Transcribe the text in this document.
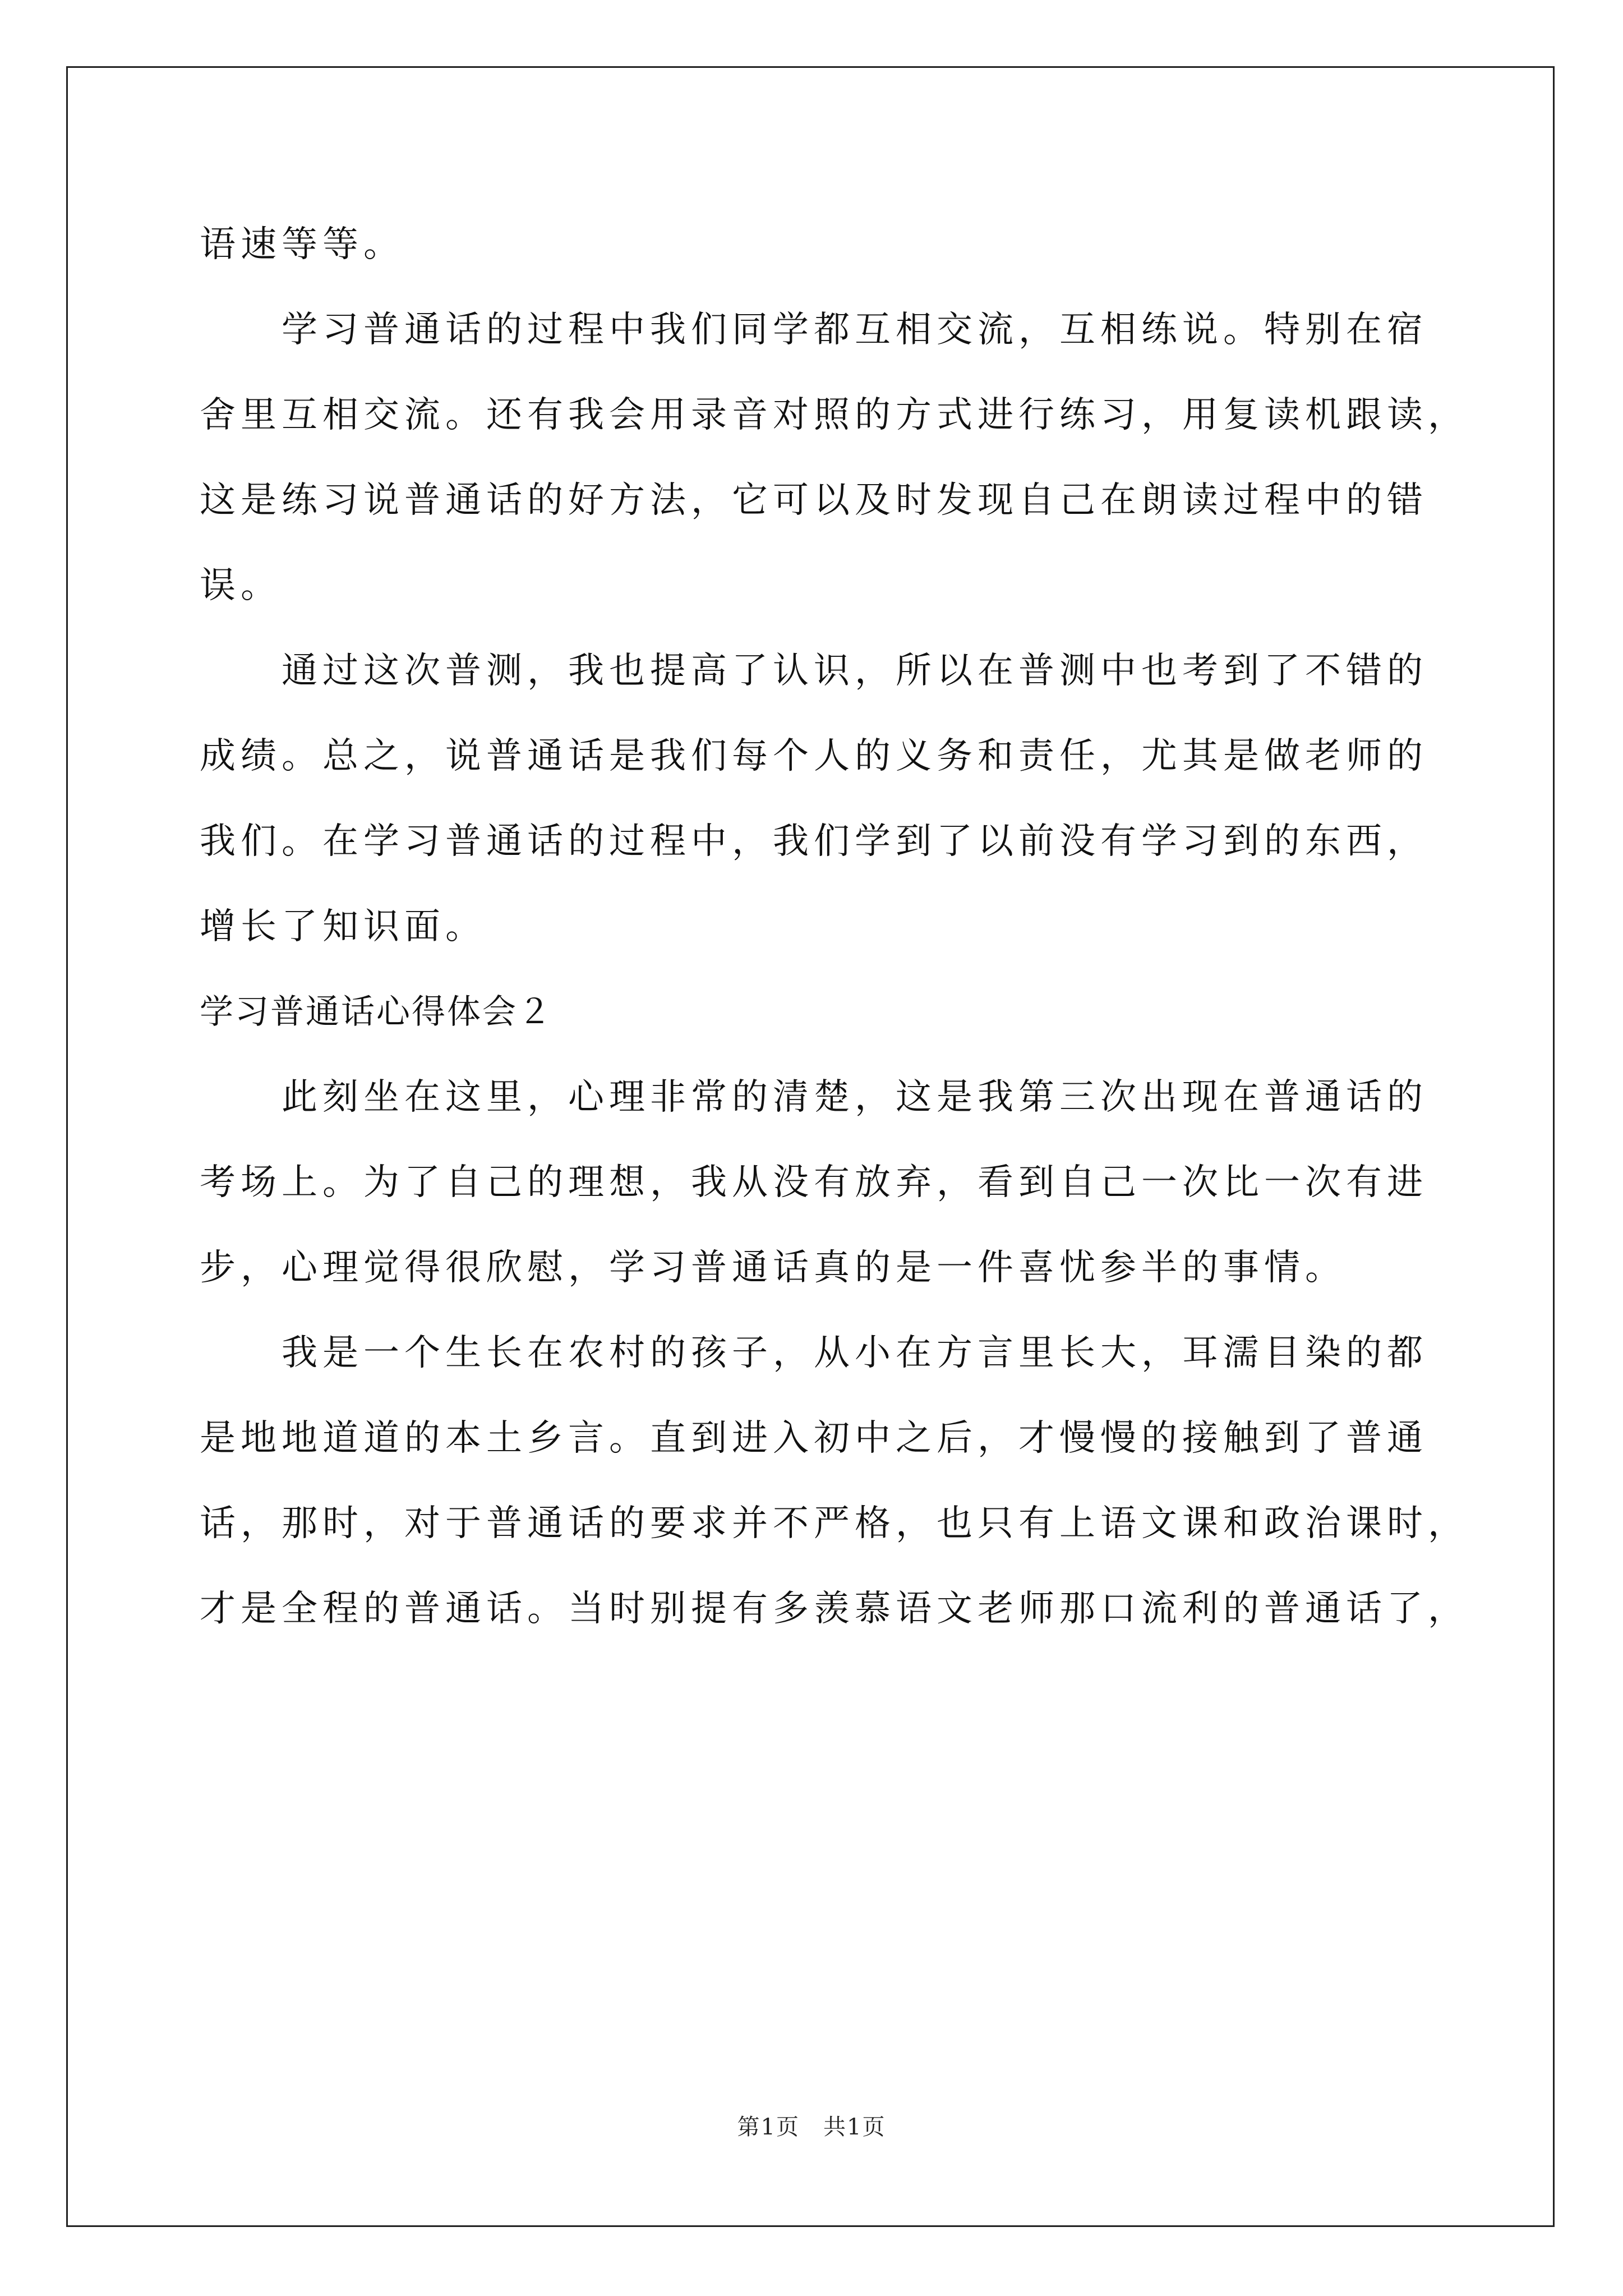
语速等等。
学习普通话的过程中我们同学都互相交流，互相练说。特别在宿
舍里互相交流。还有我会用录音对照的方式进行练习，用复读机跟读，
这是练习说普通话的好方法，它可以及时发现自己在朗读过程中的错
误。
通过这次普测，我也提高了认识，所以在普测中也考到了不错的
成绩。总之，说普通话是我们每个人的义务和责任，尤其是做老师的
我们。在学习普通话的过程中，我们学到了以前没有学习到的东西，
增长了知识面。
学习普通话心得体会２
此刻坐在这里，心理非常的清楚，这是我第三次出现在普通话的
考场上。为了自己的理想，我从没有放弃，看到自己一次比一次有进
步，心理觉得很欣慰，学习普通话真的是一件喜忧参半的事情。
我是一个生长在农村的孩子，从小在方言里长大，耳濡目染的都
是地地道道的本土乡言。直到进入初中之后，才慢慢的接触到了普通
话，那时，对于普通话的要求并不严格，也只有上语文课和政治课时，
才是全程的普通话。当时别提有多羡慕语文老师那口流利的普通话了，
第1页　共1页
